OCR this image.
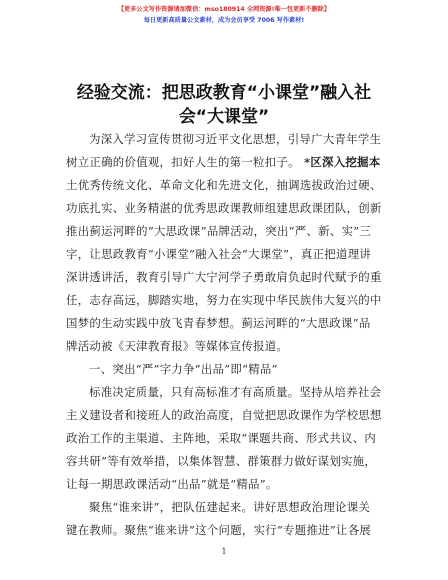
【更多公文写作资源请加微信：mso180914 全网资源!唯一包更新不删除】
每日更新高质量公文素材，成为会员享受 7006 写作素材!
经验交流：把思政教育“小课堂”融入社
会“大课堂”
为深入学习宣传贯彻习近平文化思想，引导广大青年学生
树立正确的价值观，扣好人生的第一粒扣子。 *区深入挖掘本
土优秀传统文化、革命文化和先进文化，抽调选拔政治过硬、
功底扎实、业务精湛的优秀思政课教师组建思政课团队，创新
推出蓟运河畔的“大思政课”品牌活动，突出“严、新、实”三
字，让思政教育“小课堂”融入社会“大课堂”，真正把道理讲
深讲透讲活，教育引导广大宁河学子勇敢肩负起时代赋予的重
任，志存高远，脚踏实地，努力在实现中华民族伟大复兴的中
国梦的生动实践中放飞青春梦想。蓟运河畔的“大思政课”品
牌活动被《天津教育报》等媒体宣传报道。
一、突出“严”字力争“出品”即“精品”
标准决定质量，只有高标准才有高质量。坚持从培养社会
主义建设者和接班人的政治高度，自觉把思政课作为学校思想
政治工作的主渠道、主阵地，采取“课题共商、形式共议、内
容共研”等有效举措，以集体智慧、群策群力做好谋划实施，
让每一期思政课活动“出品”就是“精品”。
聚焦“谁来讲”，把队伍建起来。讲好思想政治理论课关
键在教师。聚焦“谁来讲”这个问题，实行“专题推进”让各展
1
